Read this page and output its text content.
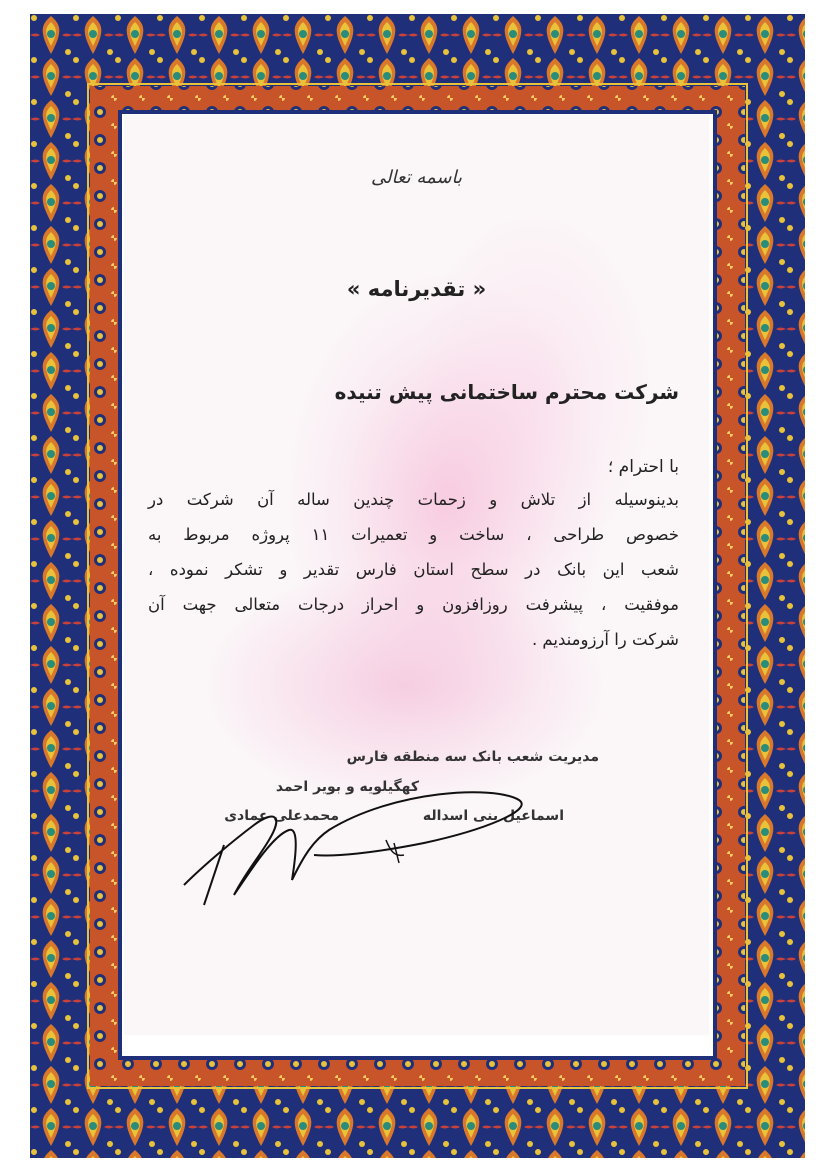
باسمه تعالی
« تقدیرنامه »
شرکت محترم ساختمانی پیش تنیده
با احترام ؛
بدینوسیله از تلاش و زحمات چندین ساله آن شرکت در
خصوص طراحی ، ساخت و تعمیرات ۱۱ پروژه مربوط به
شعب این بانک در سطح استان فارس تقدیر و تشکر نموده ،
موفقیت ، پیشرفت روزافزون و احراز درجات متعالی جهت آن
شرکت را آرزومندیم .
مدیریت شعب بانک سه منطقه فارس
کهگیلویه و بویر احمد
اسماعیل بنی اسداله
محمدعلی عمادی
